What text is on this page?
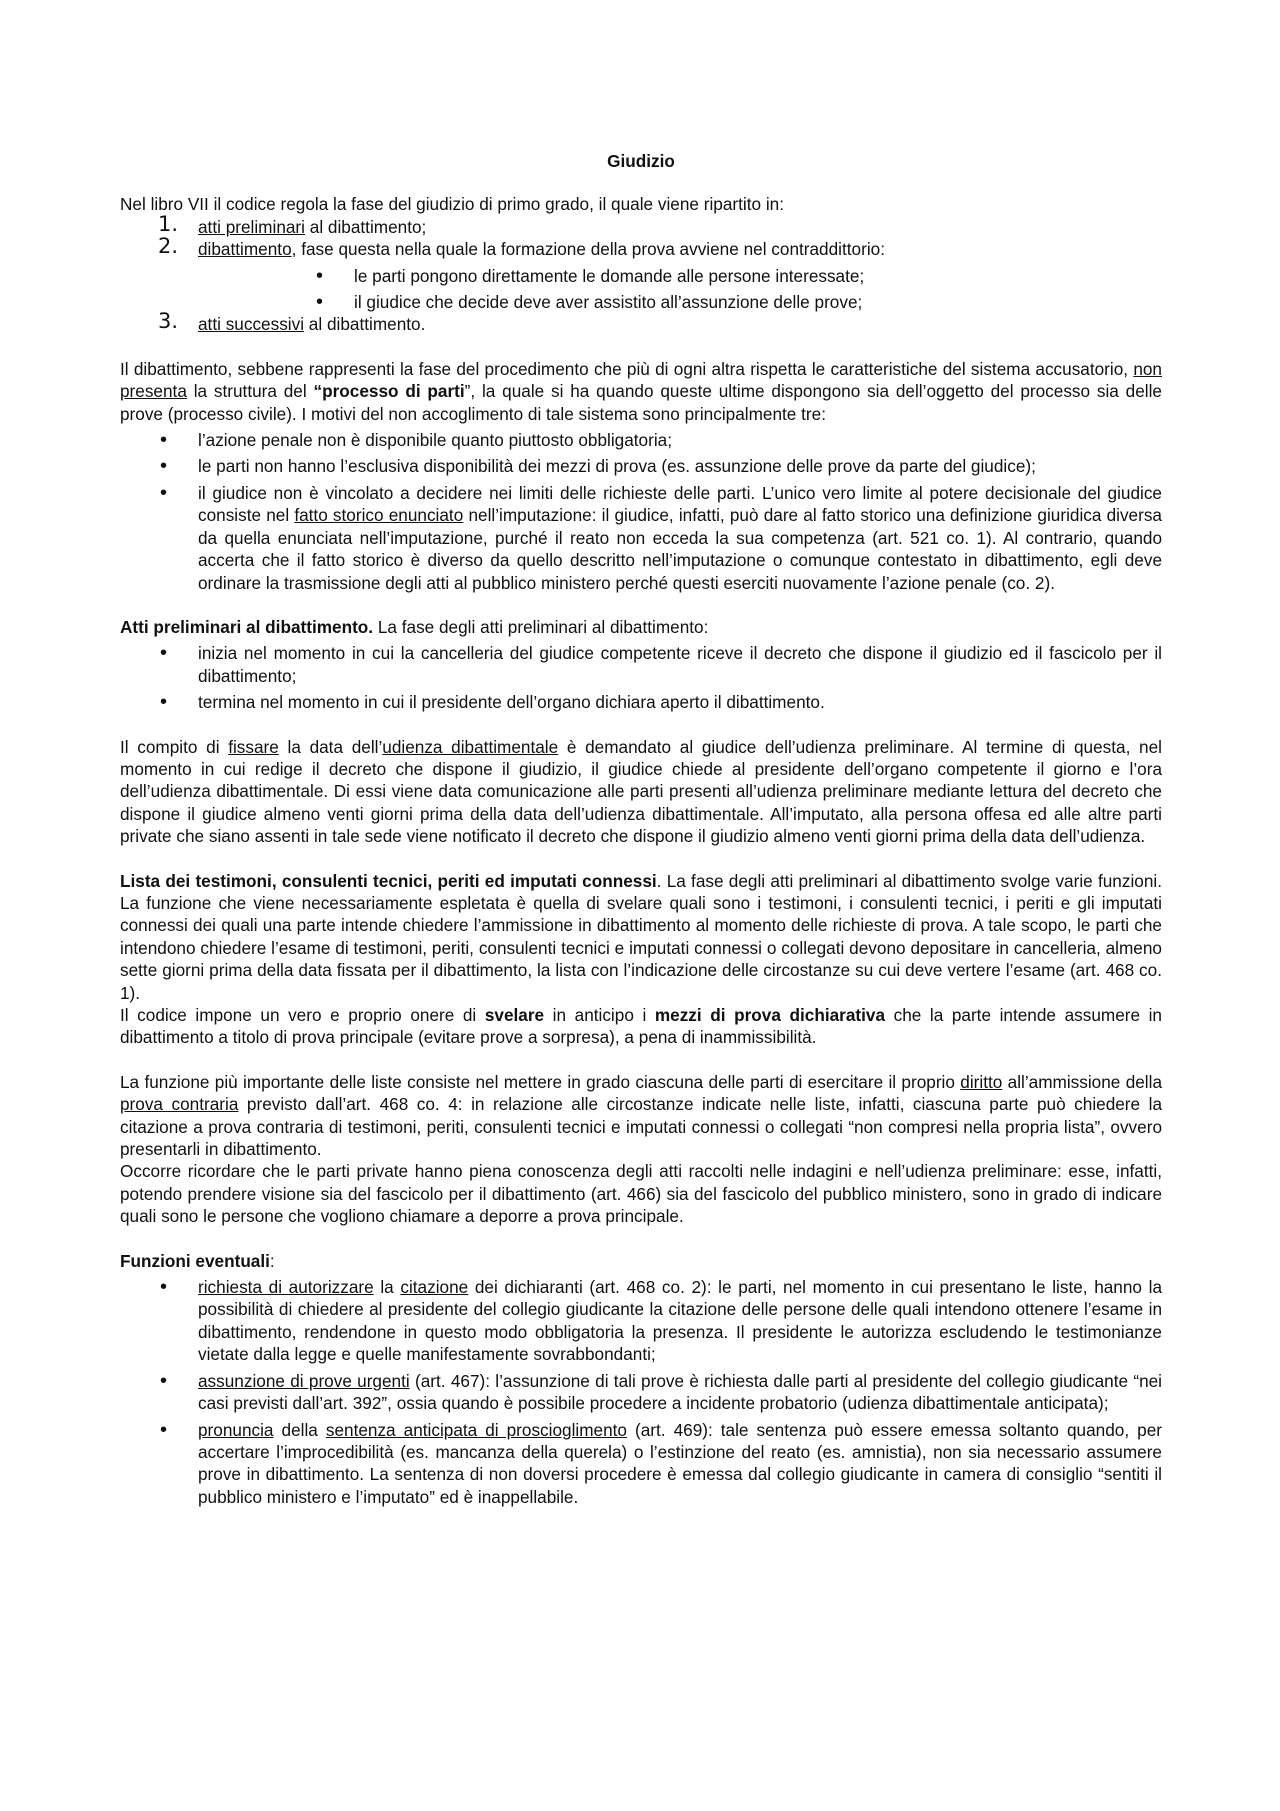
Giudizio

Nel libro VII il codice regola la fase del giudizio di primo grado, il quale viene ripartito in:

1. atti preliminari al dibattimento;
2. dibattimento, fase questa nella quale la formazione della prova avviene nel contraddittorio:
• le parti pongono direttamente le domande alle persone interessate;
• il giudice che decide deve aver assistito all’assunzione delle prove;
3. atti successivi al dibattimento.

Il dibattimento, sebbene rappresenti la fase del procedimento che più di ogni altra rispetta le caratteristiche del sistema accusatorio, non presenta la struttura del “processo di parti”, la quale si ha quando queste ultime dispongono sia dell’oggetto del processo sia delle prove (processo civile). I motivi del non accoglimento di tale sistema sono principalmente tre:

• l’azione penale non è disponibile quanto piuttosto obbligatoria;
• le parti non hanno l’esclusiva disponibilità dei mezzi di prova (es. assunzione delle prove da parte del giudice);
• il giudice non è vincolato a decidere nei limiti delle richieste delle parti. L’unico vero limite al potere decisionale del giudice consiste nel fatto storico enunciato nell’imputazione: il giudice, infatti, può dare al fatto storico una definizione giuridica diversa da quella enunciata nell’imputazione, purché il reato non ecceda la sua competenza (art. 521 co. 1). Al contrario, quando accerta che il fatto storico è diverso da quello descritto nell’imputazione o comunque contestato in dibattimento, egli deve ordinare la trasmissione degli atti al pubblico ministero perché questi eserciti nuovamente l’azione penale (co. 2).

Atti preliminari al dibattimento. La fase degli atti preliminari al dibattimento:

• inizia nel momento in cui la cancelleria del giudice competente riceve il decreto che dispone il giudizio ed il fascicolo per il dibattimento;
• termina nel momento in cui il presidente dell’organo dichiara aperto il dibattimento.

Il compito di fissare la data dell’udienza dibattimentale è demandato al giudice dell’udienza preliminare. Al termine di questa, nel momento in cui redige il decreto che dispone il giudizio, il giudice chiede al presidente dell’organo competente il giorno e l’ora dell’udienza dibattimentale. Di essi viene data comunicazione alle parti presenti all’udienza preliminare mediante lettura del decreto che dispone il giudice almeno venti giorni prima della data dell’udienza dibattimentale. All’imputato, alla persona offesa ed alle altre parti private che siano assenti in tale sede viene notificato il decreto che dispone il giudizio almeno venti giorni prima della data dell’udienza.

Lista dei testimoni, consulenti tecnici, periti ed imputati connessi. La fase degli atti preliminari al dibattimento svolge varie funzioni. La funzione che viene necessariamente espletata è quella di svelare quali sono i testimoni, i consulenti tecnici, i periti e gli imputati connessi dei quali una parte intende chiedere l’ammissione in dibattimento al momento delle richieste di prova. A tale scopo, le parti che intendono chiedere l’esame di testimoni, periti, consulenti tecnici e imputati connessi o collegati devono depositare in cancelleria, almeno sette giorni prima della data fissata per il dibattimento, la lista con l’indicazione delle circostanze su cui deve vertere l’esame (art. 468 co. 1).

Il codice impone un vero e proprio onere di svelare in anticipo i mezzi di prova dichiarativa che la parte intende assumere in dibattimento a titolo di prova principale (evitare prove a sorpresa), a pena di inammissibilità.

La funzione più importante delle liste consiste nel mettere in grado ciascuna delle parti di esercitare il proprio diritto all’ammissione della prova contraria previsto dall’art. 468 co. 4: in relazione alle circostanze indicate nelle liste, infatti, ciascuna parte può chiedere la citazione a prova contraria di testimoni, periti, consulenti tecnici e imputati connessi o collegati “non compresi nella propria lista”, ovvero presentarli in dibattimento.

Occorre ricordare che le parti private hanno piena conoscenza degli atti raccolti nelle indagini e nell’udienza preliminare: esse, infatti, potendo prendere visione sia del fascicolo per il dibattimento (art. 466) sia del fascicolo del pubblico ministero, sono in grado di indicare quali sono le persone che vogliono chiamare a deporre a prova principale.

Funzioni eventuali:

• richiesta di autorizzare la citazione dei dichiaranti (art. 468 co. 2): le parti, nel momento in cui presentano le liste, hanno la possibilità di chiedere al presidente del collegio giudicante la citazione delle persone delle quali intendono ottenere l’esame in dibattimento, rendendone in questo modo obbligatoria la presenza. Il presidente le autorizza escludendo le testimonianze vietate dalla legge e quelle manifestamente sovrabbondanti;
• assunzione di prove urgenti (art. 467): l’assunzione di tali prove è richiesta dalle parti al presidente del collegio giudicante “nei casi previsti dall’art. 392”, ossia quando è possibile procedere a incidente probatorio (udienza dibattimentale anticipata);
• pronuncia della sentenza anticipata di proscioglimento (art. 469): tale sentenza può essere emessa soltanto quando, per accertare l’improcedibilità (es. mancanza della querela) o l’estinzione del reato (es. amnistia), non sia necessario assumere prove in dibattimento. La sentenza di non doversi procedere è emessa dal collegio giudicante in camera di consiglio “sentiti il pubblico ministero e l’imputato” ed è inappellabile.
